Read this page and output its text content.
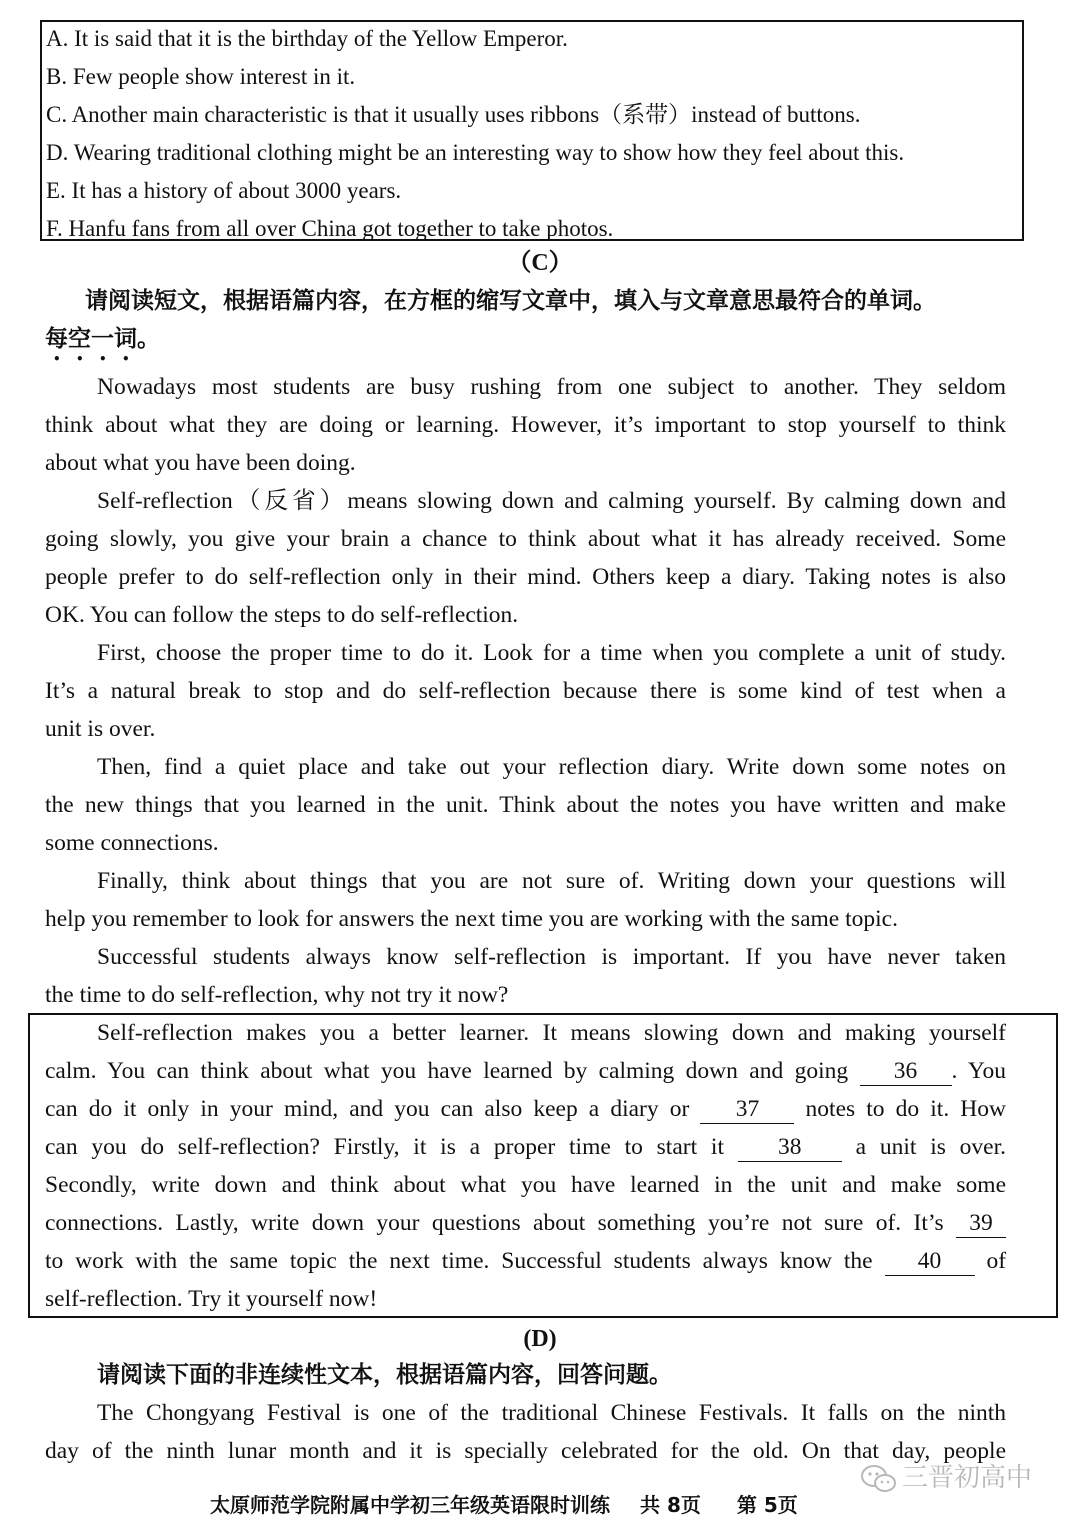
A. It is said that it is the birthday of the Yellow Emperor.
B. Few people show interest in it.
C. Another main characteristic is that it usually uses ribbons（系带）instead of buttons.
D. Wearing traditional clothing might be an interesting way to show how they feel about this.
E. It has a history of about 3000 years.
F. Hanfu fans from all over China got together to take photos.
（C）
请阅读短文，根据语篇内容，在方框的缩写文章中，填入与文章意思最符合的单词。
每空一词。
Nowadays most students are busy rushing from one subject to another. They seldom
think about what they are doing or learning. However, it’s important to stop yourself to think
about what you have been doing.
Self-reflection（反省）means slowing down and calming yourself. By calming down and
going slowly, you give your brain a chance to think about what it has already received. Some
people prefer to do self-reflection only in their mind. Others keep a diary. Taking notes is also
OK. You can follow the steps to do self-reflection.
First, choose the proper time to do it. Look for a time when you complete a unit of study.
It’s a natural break to stop and do self-reflection because there is some kind of test when a
unit is over.
Then, find a quiet place and take out your reflection diary. Write down some notes on
the new things that you learned in the unit. Think about the notes you have written and make
some connections.
Finally, think about things that you are not sure of. Writing down your questions will
help you remember to look for answers the next time you are working with the same topic.
Successful students always know self-reflection is important. If you have never taken
the time to do self-reflection, why not try it now?
Self-reflection makes you a better learner. It means slowing down and making yourself
calm. You can think about what you have learned by calming down and going 36 . You
can do it only in your mind, and you can also keep a diary or 37 notes to do it. How
can you do self-reflection? Firstly, it is a proper time to start it 38 a unit is over.
Secondly, write down and think about what you have learned in the unit and make some
connections. Lastly, write down your questions about something you’re not sure of. It’s 39
to work with the same topic the next time. Successful students always know the 40 of
self-reflection. Try it yourself now!
(D)
请阅读下面的非连续性文本，根据语篇内容，回答问题。
The Chongyang Festival is one of the traditional Chinese Festivals. It falls on the ninth
day of the ninth lunar month and it is specially celebrated for the old. On that day, people
三晋初高中
太原师范学院附属中学初三年级英语限时训练 共 8页 第 5页
